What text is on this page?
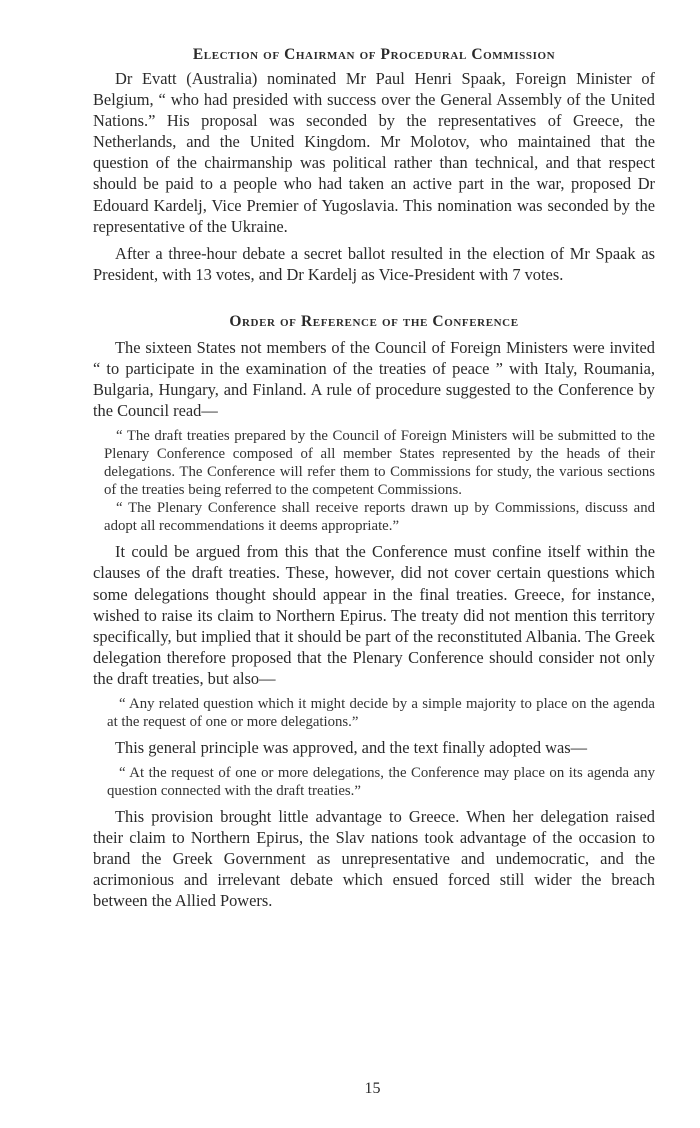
Election of Chairman of Procedural Commission

Dr Evatt (Australia) nominated Mr Paul Henri Spaak, Foreign Minister of Belgium, “ who had presided with success over the General Assembly of the United Nations.” His proposal was seconded by the representatives of Greece, the Netherlands, and the United Kingdom. Mr Molotov, who maintained that the question of the chairmanship was political rather than technical, and that respect should be paid to a people who had taken an active part in the war, proposed Dr Edouard Kardelj, Vice Premier of Yugoslavia. This nomination was seconded by the representative of the Ukraine.

After a three-hour debate a secret ballot resulted in the election of Mr Spaak as President, with 13 votes, and Dr Kardelj as Vice-President with 7 votes.

Order of Reference of the Conference

The sixteen States not members of the Council of Foreign Ministers were invited “ to participate in the examination of the treaties of peace ” with Italy, Roumania, Bulgaria, Hungary, and Finland. A rule of procedure suggested to the Conference by the Council read—

“ The draft treaties prepared by the Council of Foreign Ministers will be submitted to the Plenary Conference composed of all member States represented by the heads of their delegations. The Conference will refer them to Commissions for study, the various sections of the treaties being referred to the competent Commissions.

“ The Plenary Conference shall receive reports drawn up by Commissions, discuss and adopt all recommendations it deems appropriate.”

It could be argued from this that the Conference must confine itself within the clauses of the draft treaties. These, however, did not cover certain questions which some delegations thought should appear in the final treaties. Greece, for instance, wished to raise its claim to Northern Epirus. The treaty did not mention this territory specifically, but implied that it should be part of the reconstituted Albania. The Greek delegation therefore proposed that the Plenary Conference should consider not only the draft treaties, but also—

“ Any related question which it might decide by a simple majority to place on the agenda at the request of one or more delegations.”

This general principle was approved, and the text finally adopted was—

“ At the request of one or more delegations, the Conference may place on its agenda any question connected with the draft treaties.”

This provision brought little advantage to Greece. When her delegation raised their claim to Northern Epirus, the Slav nations took advantage of the occasion to brand the Greek Government as unrepresentative and undemocratic, and the acrimonious and irrelevant debate which ensued forced still wider the breach between the Allied Powers.

15
